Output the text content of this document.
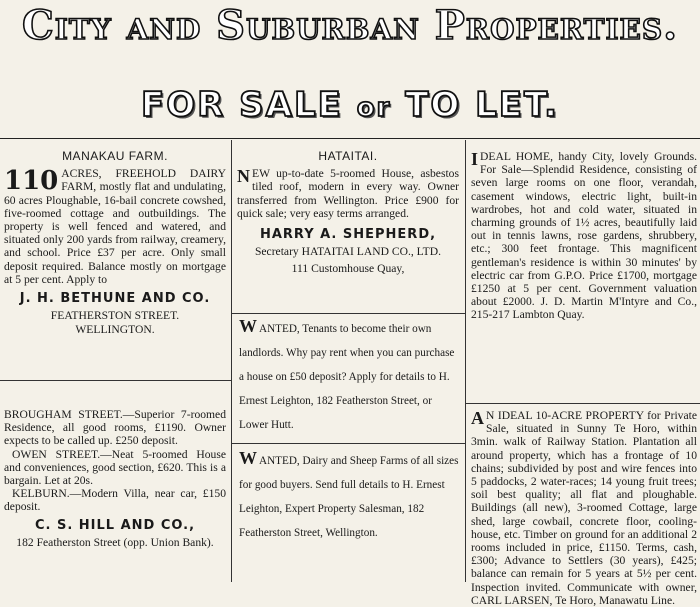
City and Suburban Properties.
FOR SALE or TO LET.
MANAKAU FARM.

110 ACRES, FREEHOLD DAIRY FARM, mostly flat and undulating, 60 acres Ploughable, 16-bail concrete cowshed, five-roomed cottage and outbuildings. The property is well fenced and watered, and situated only 200 yards from railway, creamery, and school. Price £37 per acre. Only small deposit required. Balance mostly on mortgage at 5 per cent. Apply to

J. H. BETHUNE AND CO.
FEATHERSTON STREET.
WELLINGTON.

BROUGHAM STREET.—Superior 7-roomed Residence, all good rooms, £1190. Owner expects to be called up. £250 deposit.

OWEN STREET.—Neat 5-roomed House and conveniences, good section, £620. This is a bargain. Let at 20s.

KELBURN.—Modern Villa, near car, £150 deposit.

C. S. HILL AND CO.,
182 Featherston Street (opp. Union Bank).
HATAITAI.

NEW up-to-date 5-roomed House, asbestos tiled roof, modern in every way. Owner transferred from Wellington. Price £900 for quick sale; very easy terms arranged.

HARRY A. SHEPHERD,
Secretary HATAITAI LAND CO., LTD.
111 Customhouse Quay,

WANTED, Tenants to become their own landlords. Why pay rent when you can purchase a house on £50 deposit? Apply for details to H. Ernest Leighton, 182 Featherston Street, or Lower Hutt.

WANTED, Dairy and Sheep Farms of all sizes for good buyers. Send full details to H. Ernest Leighton, Expert Property Salesman, 182 Featherston Street, Wellington.

IDEAL HOME, handy City, lovely Grounds. For Sale—Splendid Residence, consisting of seven large rooms on one floor, verandah, casement windows, electric light, built-in wardrobes, hot and cold water, situated in charming grounds of 1½ acres, beautifully laid out in tennis lawns, rose gardens, shrubbery, etc.; 300 feet frontage. This magnificent gentleman's residence is within 30 minutes' by electric car from G.P.O. Price £1700, mortgage £1250 at 5 per cent. Government valuation about £2000. J. D. Martin M'Intyre and Co., 215-217 Lambton Quay.

A N IDEAL 10-ACRE PROPERTY for Private Sale, situated in Sunny Te Horo, within 3min. walk of Railway Station. Plantation all around property, which has a frontage of 10 chains; subdivided by post and wire fences into 5 paddocks, 2 water-races; 14 young fruit trees; soil best quality; all flat and ploughable. Buildings (all new), 3-roomed Cottage, large shed, large cowbail, concrete floor, cooling-house, etc. Timber on ground for an additional 2 rooms included in price, £1150. Terms, cash, £300; Advance to Settlers (30 years), £425; balance can remain for 5 years at 5½ per cent. Inspection invited. Communicate with owner, CARL LARSEN, Te Horo, Manawatu Line.
